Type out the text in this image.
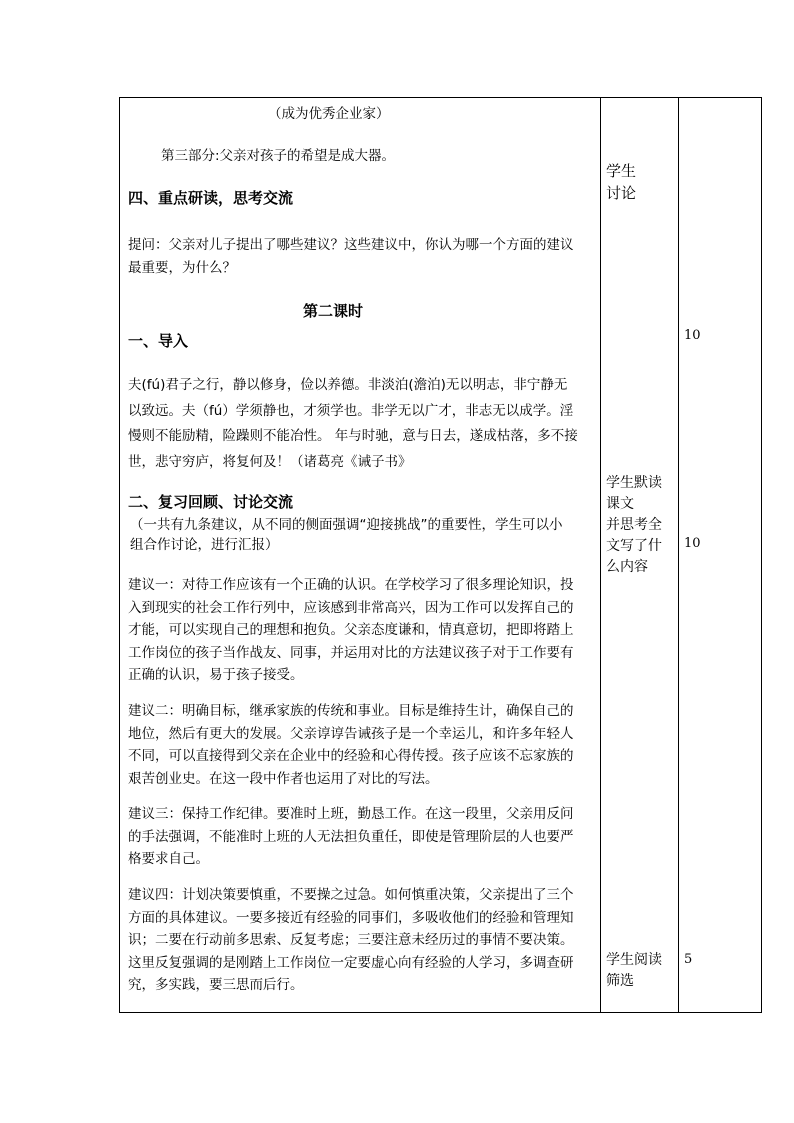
（成为优秀企业家）
第三部分:父亲对孩子的希望是成大器。
四、重点研读，思考交流
提问：父亲对儿子提出了哪些建议？这些建议中，你认为哪一个方面的建议
最重要，为什么？
第二课时
一、导入
夫(fú)君子之行，静以修身，俭以养德。非淡泊(澹泊)无以明志，非宁静无
以致远。夫（fú）学须静也，才须学也。非学无以广才，非志无以成学。淫
慢则不能励精，险躁则不能冶性。 年与时驰，意与日去，遂成枯落，多不接
世，悲守穷庐，将复何及！（诸葛亮《诫子书》
二、复习回顾、讨论交流
（一共有九条建议，从不同的侧面强调“迎接挑战”的重要性，学生可以小
组合作讨论，进行汇报）
建议一：对待工作应该有一个正确的认识。在学校学习了很多理论知识，投
入到现实的社会工作行列中，应该感到非常高兴，因为工作可以发挥自己的
才能，可以实现自己的理想和抱负。父亲态度谦和，情真意切，把即将踏上
工作岗位的孩子当作战友、同事，并运用对比的方法建议孩子对于工作要有
正确的认识，易于孩子接受。
建议二：明确目标，继承家族的传统和事业。目标是维持生计，确保自己的
地位，然后有更大的发展。父亲谆谆告诫孩子是一个幸运儿，和许多年轻人
不同，可以直接得到父亲在企业中的经验和心得传授。孩子应该不忘家族的
艰苦创业史。在这一段中作者也运用了对比的写法。
建议三：保持工作纪律。要准时上班，勤恳工作。在这一段里，父亲用反问
的手法强调，不能准时上班的人无法担负重任，即使是管理阶层的人也要严
格要求自己。
建议四：计划决策要慎重，不要操之过急。如何慎重决策，父亲提出了三个
方面的具体建议。一要多接近有经验的同事们，多吸收他们的经验和管理知
识；二要在行动前多思索、反复考虑；三要注意未经历过的事情不要决策。
这里反复强调的是刚踏上工作岗位一定要虚心向有经验的人学习，多调查研
究，多实践，要三思而后行。
学生
讨论
学生默读
课文
并思考全
文写了什
么内容
学生阅读
筛选
10
10
5
